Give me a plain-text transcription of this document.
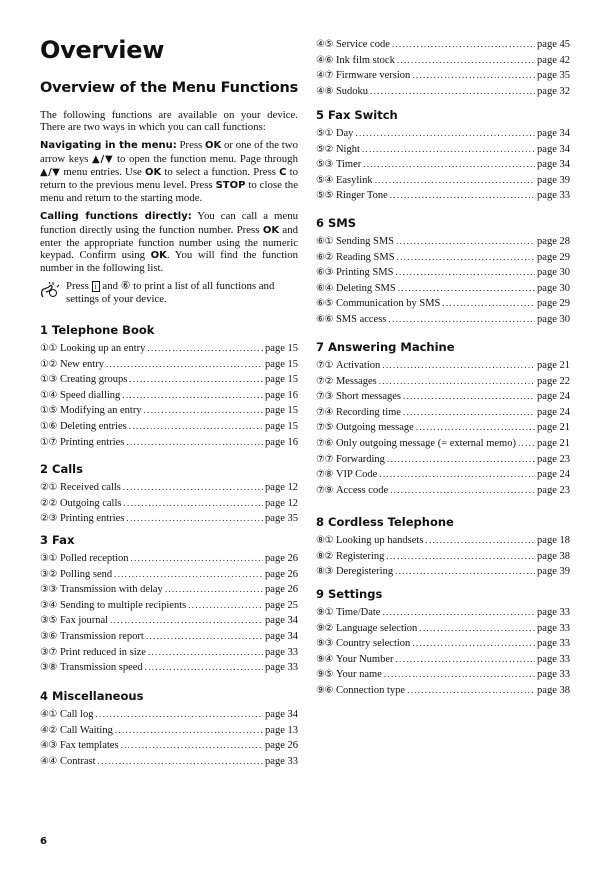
Overview
Overview of the Menu Functions

The following functions are available on your device. There are two ways in which you can call functions:

Navigating in the menu: Press OK or one of the two arrow keys ▲/▼ to open the function menu. Page through ▲/▼ menu entries. Use OK to select a function. Press C to return to the previous menu level. Press STOP to close the menu and return to the starting mode.

Calling functions directly: You can call a menu function directly using the function number. Press OK and enter the appropriate function number using the numeric keypad. Confirm using OK. You will find the function number in the following list.

Press i and ⑥ to print a list of all functions and settings of your device.
1 Telephone Book
①① Looking up an entry .....	page 15
①② New entry .....	page 15
①③ Creating groups .....	page 15
①④ Speed dialling .....	page 16
①⑤ Modifying an entry .....	page 15
①⑥ Deleting entries .....	page 15
①⑦ Printing entries .....	page 16
2 Calls
②① Received calls .....	page 12
②② Outgoing calls .....	page 12
②③ Printing entries .....	page 35
3 Fax
③① Polled reception .....	page 26
③② Polling send .....	page 26
③③ Transmission with delay .....	page 26
③④ Sending to multiple recipients .....	page 25
③⑤ Fax journal .....	page 34
③⑥ Transmission report .....	page 34
③⑦ Print reduced in size .....	page 33
③⑧ Transmission speed .....	page 33
4 Miscellaneous
④① Call log .....	page 34
④② Call Waiting .....	page 13
④③ Fax templates .....	page 26
④④ Contrast .....	page 33
④⑤ Service code .....	page 45
④⑥ Ink film stock .....	page 42
④⑦ Firmware version .....	page 35
④⑧ Sudoku .....	page 32
5 Fax Switch
⑤① Day .....	page 34
⑤② Night .....	page 34
⑤③ Timer .....	page 34
⑤④ Easylink .....	page 39
⑤⑤ Ringer Tone .....	page 33
6 SMS
⑥① Sending SMS .....	page 28
⑥② Reading SMS .....	page 29
⑥③ Printing SMS .....	page 30
⑥④ Deleting SMS .....	page 30
⑥⑤ Communication by SMS .....	page 29
⑥⑥ SMS access .....	page 30
7 Answering Machine
⑦① Activation .....	page 21
⑦② Messages .....	page 22
⑦③ Short messages .....	page 24
⑦④ Recording time .....	page 24
⑦⑤ Outgoing message .....	page 21
⑦⑥ Only outgoing message (= external memo) ..... page 21
⑦⑦ Forwarding .....	page 23
⑦⑧ VIP Code .....	page 24
⑦⑨ Access code .....	page 23
8 Cordless Telephone
⑧① Looking up handsets .....	page 18
⑧② Registering .....	page 38
⑧③ Deregistering .....	page 39
9 Settings
⑨① Time/Date .....	page 33
⑨② Language selection .....	page 33
⑨③ Country selection .....	page 33
⑨④ Your Number .....	page 33
⑨⑤ Your name .....	page 33
⑨⑥ Connection type .....	page 38
6
